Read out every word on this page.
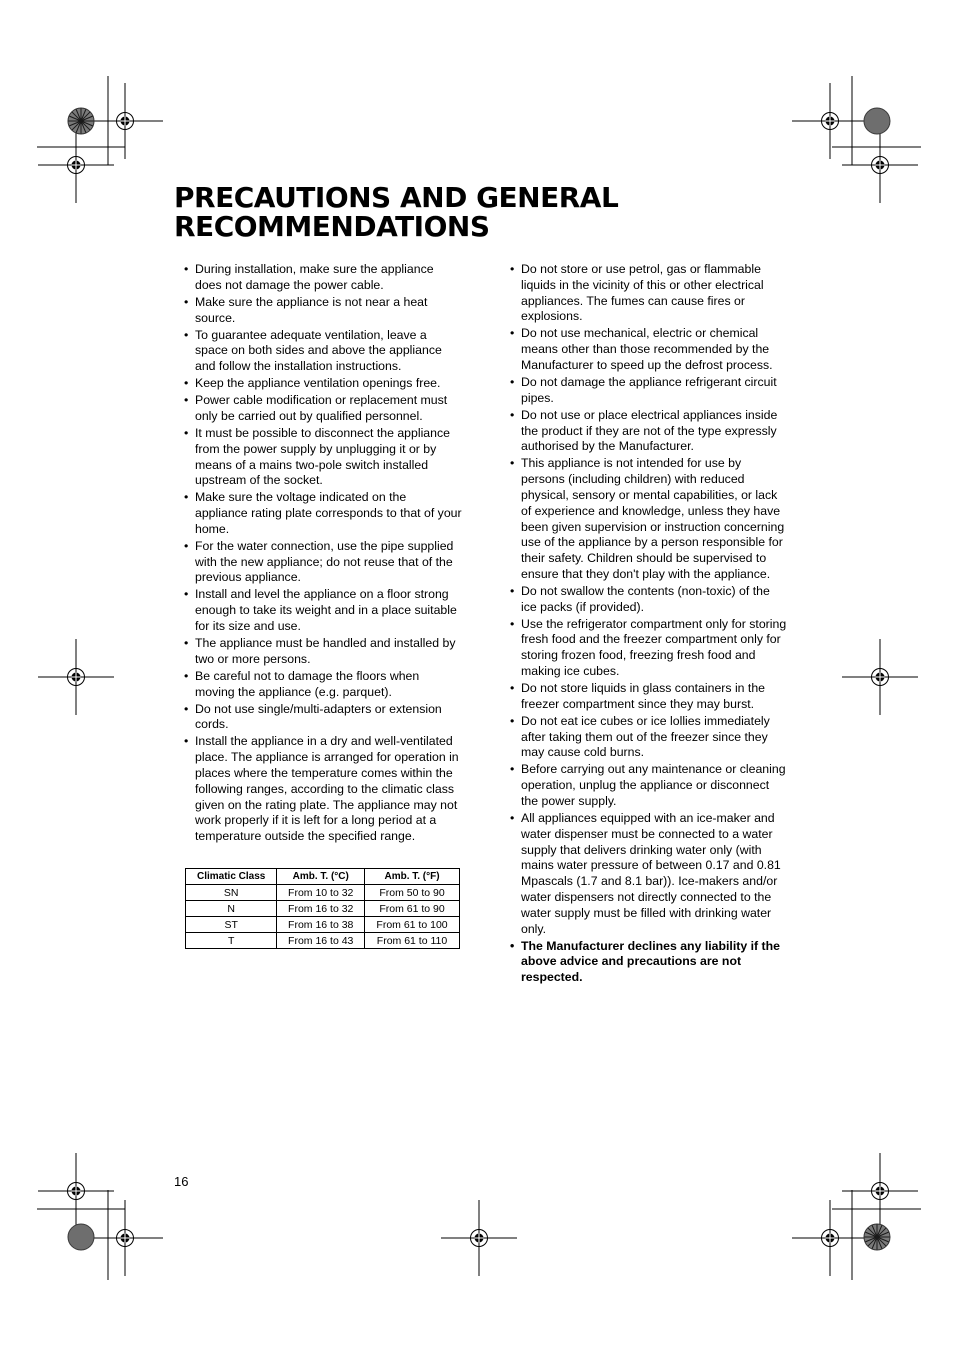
PRECAUTIONS AND GENERAL
RECOMMENDATIONS
• During installation, make sure the appliance does not damage the power cable.
• Make sure the appliance is not near a heat source.
• To guarantee adequate ventilation, leave a space on both sides and above the appliance and follow the installation instructions.
• Keep the appliance ventilation openings free.
• Power cable modification or replacement must only be carried out by qualified personnel.
• It must be possible to disconnect the appliance from the power supply by unplugging it or by means of a mains two-pole switch installed upstream of the socket.
• Make sure the voltage indicated on the appliance rating plate corresponds to that of your home.
• For the water connection, use the pipe supplied with the new appliance; do not reuse that of the previous appliance.
• Install and level the appliance on a floor strong enough to take its weight and in a place suitable for its size and use.
• The appliance must be handled and installed by two or more persons.
• Be careful not to damage the floors when moving the appliance (e.g. parquet).
• Do not use single/multi-adapters or extension cords.
• Install the appliance in a dry and well-ventilated place. The appliance is arranged for operation in places where the temperature comes within the following ranges, according to the climatic class given on the rating plate. The appliance may not work properly if it is left for a long period at a temperature outside the specified range.
Climatic Class	Amb. T. (°C)	Amb. T. (°F)
SN	From 10 to 32	From 50 to 90
N	From 16 to 32	From 61 to 90
ST	From 16 to 38	From 61 to 100
T	From 16 to 43	From 61 to 110
• Do not store or use petrol, gas or flammable liquids in the vicinity of this or other electrical appliances. The fumes can cause fires or explosions.
• Do not use mechanical, electric or chemical means other than those recommended by the Manufacturer to speed up the defrost process.
• Do not damage the appliance refrigerant circuit pipes.
• Do not use or place electrical appliances inside the product if they are not of the type expressly authorised by the Manufacturer.
• This appliance is not intended for use by persons (including children) with reduced physical, sensory or mental capabilities, or lack of experience and knowledge, unless they have been given supervision or instruction concerning use of the appliance by a person responsible for their safety. Children should be supervised to ensure that they don't play with the appliance.
• Do not swallow the contents (non-toxic) of the ice packs (if provided).
• Use the refrigerator compartment only for storing fresh food and the freezer compartment only for storing frozen food, freezing fresh food and making ice cubes.
• Do not store liquids in glass containers in the freezer compartment since they may burst.
• Do not eat ice cubes or ice lollies immediately after taking them out of the freezer since they may cause cold burns.
• Before carrying out any maintenance or cleaning operation, unplug the appliance or disconnect the power supply.
• All appliances equipped with an ice-maker and water dispenser must be connected to a water supply that delivers drinking water only (with mains water pressure of between 0.17 and 0.81 Mpascals (1.7 and 8.1 bar)). Ice-makers and/or water dispensers not directly connected to the water supply must be filled with drinking water only.
• The Manufacturer declines any liability if the above advice and precautions are not respected.
16
